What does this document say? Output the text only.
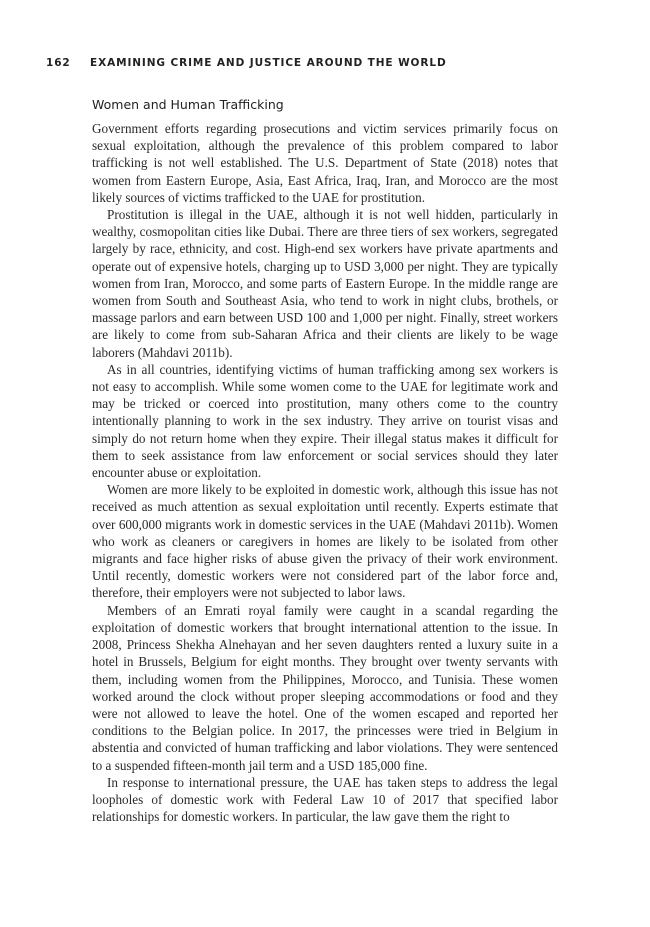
162 EXAMINING CRIME AND JUSTICE AROUND THE WORLD
Women and Human Trafficking

Government efforts regarding prosecutions and victim services primarily focus on sexual exploitation, although the prevalence of this problem compared to labor trafficking is not well established. The U.S. Department of State (2018) notes that women from Eastern Europe, Asia, East Africa, Iraq, Iran, and Morocco are the most likely sources of victims trafficked to the UAE for prostitution.

Prostitution is illegal in the UAE, although it is not well hidden, particularly in wealthy, cosmopolitan cities like Dubai. There are three tiers of sex workers, segregated largely by race, ethnicity, and cost. High-end sex workers have private apartments and operate out of expensive hotels, charging up to USD 3,000 per night. They are typically women from Iran, Morocco, and some parts of Eastern Europe. In the middle range are women from South and Southeast Asia, who tend to work in night clubs, brothels, or massage parlors and earn between USD 100 and 1,000 per night. Finally, street workers are likely to come from sub-Saharan Africa and their clients are likely to be wage laborers (Mahdavi 2011b).

As in all countries, identifying victims of human trafficking among sex workers is not easy to accomplish. While some women come to the UAE for legitimate work and may be tricked or coerced into prostitution, many others come to the country intentionally planning to work in the sex industry. They arrive on tourist visas and simply do not return home when they expire. Their illegal status makes it difficult for them to seek assistance from law enforcement or social services should they later encounter abuse or exploitation.

Women are more likely to be exploited in domestic work, although this issue has not received as much attention as sexual exploitation until recently. Experts estimate that over 600,000 migrants work in domestic services in the UAE (Mahdavi 2011b). Women who work as cleaners or caregivers in homes are likely to be isolated from other migrants and face higher risks of abuse given the privacy of their work environment. Until recently, domestic workers were not considered part of the labor force and, therefore, their employers were not subjected to labor laws.

Members of an Emrati royal family were caught in a scandal regarding the exploitation of domestic workers that brought international attention to the issue. In 2008, Princess Shekha Alnehayan and her seven daughters rented a luxury suite in a hotel in Brussels, Belgium for eight months. They brought over twenty servants with them, including women from the Philippines, Morocco, and Tunisia. These women worked around the clock without proper sleeping accommodations or food and they were not allowed to leave the hotel. One of the women escaped and reported her conditions to the Belgian police. In 2017, the princesses were tried in Belgium in abstentia and convicted of human trafficking and labor violations. They were sentenced to a suspended fifteen-month jail term and a USD 185,000 fine.

In response to international pressure, the UAE has taken steps to address the legal loopholes of domestic work with Federal Law 10 of 2017 that specified labor relationships for domestic workers. In particular, the law gave them the right to
